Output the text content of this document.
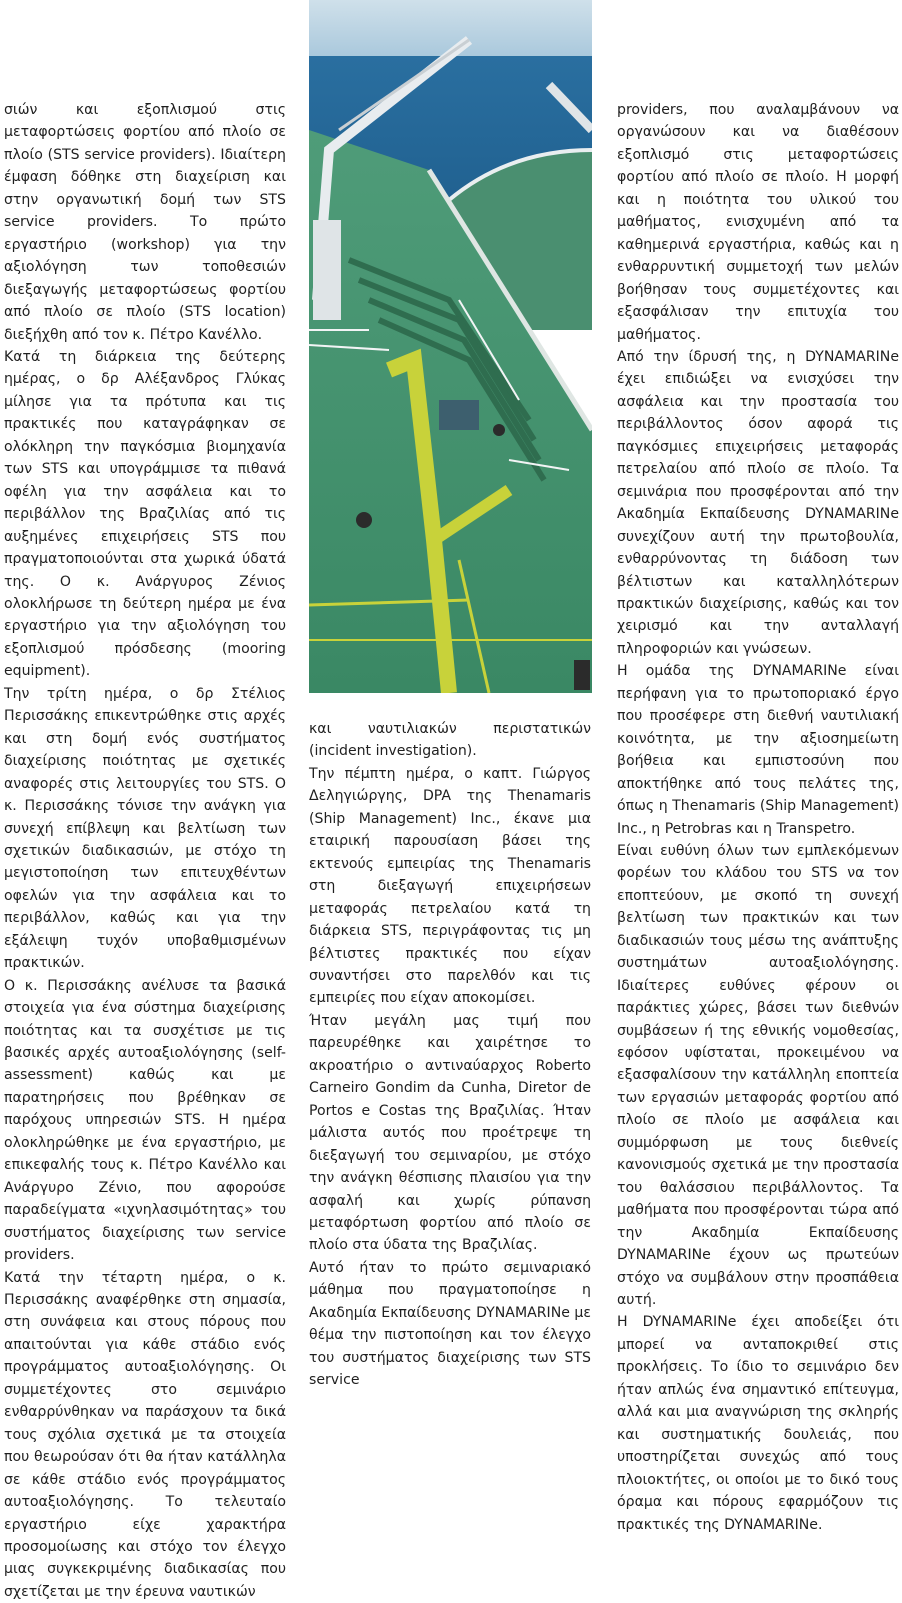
σιών και εξοπλισμού στις μεταφορτώσεις φορτίου από πλοίο σε πλοίο (STS service providers). Ιδιαίτερη έμφαση δόθηκε στη διαχείριση και στην οργανωτική δομή των STS service providers. Το πρώτο εργαστήριο (workshop) για την αξιολόγηση των τοποθεσιών διεξαγωγής μεταφορτώσεως φορτίου από πλοίο σε πλοίο (STS location) διεξήχθη από τον κ. Πέτρο Κανέλλο.

Κατά τη διάρκεια της δεύτερης ημέρας, ο δρ Αλέξανδρος Γλύκας μίλησε για τα πρότυπα και τις πρακτικές που καταγράφηκαν σε ολόκληρη την παγκόσμια βιομηχανία των STS και υπογράμμισε τα πιθανά οφέλη για την ασφάλεια και το περιβάλλον της Βραζιλίας από τις αυξημένες επιχειρήσεις STS που πραγματοποιούνται στα χωρικά ύδατά της. Ο κ. Ανάργυρος Ζένιος ολοκλήρωσε τη δεύτερη ημέρα με ένα εργαστήριο για την αξιολόγηση του εξοπλισμού πρόσδεσης (mooring equipment).

Την τρίτη ημέρα, ο δρ Στέλιος Περισσάκης επικεντρώθηκε στις αρχές και στη δομή ενός συστήματος διαχείρισης ποιότητας με σχετικές αναφορές στις λειτουργίες του STS. Ο κ. Περισσάκης τόνισε την ανάγκη για συνεχή επίβλεψη και βελτίωση των σχετικών διαδικασιών, με στόχο τη μεγιστοποίηση των επιτευχθέντων οφελών για την ασφάλεια και το περιβάλλον, καθώς και για την εξάλειψη τυχόν υποβαθμισμένων πρακτικών.

Ο κ. Περισσάκης ανέλυσε τα βασικά στοιχεία για ένα σύστημα διαχείρισης ποιότητας και τα συσχέτισε με τις βασικές αρχές αυτοαξιολόγησης (self-assessment) καθώς και με παρατηρήσεις που βρέθηκαν σε παρόχους υπηρεσιών STS. Η ημέρα ολοκληρώθηκε με ένα εργαστήριο, με επικεφαλής τους κ. Πέτρο Κανέλλο και Ανάργυρο Ζένιο, που αφορούσε παραδείγματα «ιχνηλασιμότητας» του συστήματος διαχείρισης των service providers.

Κατά την τέταρτη ημέρα, ο κ. Περισσάκης αναφέρθηκε στη σημασία, στη συνάφεια και στους πόρους που απαιτούνται για κάθε στάδιο ενός προγράμματος αυτοαξιολόγησης. Οι συμμετέχοντες στο σεμινάριο ενθαρρύνθηκαν να παράσχουν τα δικά τους σχόλια σχετικά με τα στοιχεία που θεωρούσαν ότι θα ήταν κατάλληλα σε κάθε στάδιο ενός προγράμματος αυτοαξιολόγησης. Το τελευταίο εργαστήριο είχε χαρακτήρα προσομοίωσης και στόχο τον έλεγχο μιας συγκεκριμένης διαδικασίας που σχετίζεται με την έρευνα ναυτικών

και ναυτιλιακών περιστατικών (incident investigation).

Την πέμπτη ημέρα, ο καπτ. Γιώργος Δεληγιώργης, DPA της Thenamaris (Ship Management) Inc., έκανε μια εταιρική παρουσίαση βάσει της εκτενούς εμπειρίας της Thenamaris στη διεξαγωγή επιχειρήσεων μεταφοράς πετρελαίου κατά τη διάρκεια STS, περιγράφοντας τις μη βέλτιστες πρακτικές που είχαν συναντήσει στο παρελθόν και τις εμπειρίες που είχαν αποκομίσει.

Ήταν μεγάλη μας τιμή που παρευρέθηκε και χαιρέτησε το ακροατήριο ο αντιναύαρχος Roberto Carneiro Gondim da Cunha, Diretor de Portos e Costas της Βραζιλίας. Ήταν μάλιστα αυτός που προέτρεψε τη διεξαγωγή του σεμιναρίου, με στόχο την ανάγκη θέσπισης πλαισίου για την ασφαλή και χωρίς ρύπανση μεταφόρτωση φορτίου από πλοίο σε πλοίο στα ύδατα της Βραζιλίας.

Αυτό ήταν το πρώτο σεμιναριακό μάθημα που πραγματοποίησε η Ακαδημία Εκπαίδευσης DYNAMARINe με θέμα την πιστοποίηση και τον έλεγχο του συστήματος διαχείρισης των STS service

providers, που αναλαμβάνουν να οργανώσουν και να διαθέσουν εξοπλισμό στις μεταφορτώσεις φορτίου από πλοίο σε πλοίο. Η μορφή και η ποιότητα του υλικού του μαθήματος, ενισχυμένη από τα καθημερινά εργαστήρια, καθώς και η ενθαρρυντική συμμετοχή των μελών βοήθησαν τους συμμετέχοντες και εξασφάλισαν την επιτυχία του μαθήματος.

Από την ίδρυσή της, η DYNAMARINe έχει επιδιώξει να ενισχύσει την ασφάλεια και την προστασία του περιβάλλοντος όσον αφορά τις παγκόσμιες επιχειρήσεις μεταφοράς πετρελαίου από πλοίο σε πλοίο. Τα σεμινάρια που προσφέρονται από την Ακαδημία Εκπαίδευσης DYNAMARINe συνεχίζουν αυτή την πρωτοβουλία, ενθαρρύνοντας τη διάδοση των βέλτιστων και καταλληλότερων πρακτικών διαχείρισης, καθώς και τον χειρισμό και την ανταλλαγή πληροφοριών και γνώσεων.

Η ομάδα της DYNAMARINe είναι περήφανη για το πρωτοποριακό έργο που προσέφερε στη διεθνή ναυτιλιακή κοινότητα, με την αξιοσημείωτη βοήθεια και εμπιστοσύνη που αποκτήθηκε από τους πελάτες της, όπως η Thenamaris (Ship Management) Inc., η Petrobras και η Transpetro.

Είναι ευθύνη όλων των εμπλεκόμενων φορέων του κλάδου του STS να τον εποπτεύουν, με σκοπό τη συνεχή βελτίωση των πρακτικών και των διαδικασιών τους μέσω της ανάπτυξης συστημάτων αυτοαξιολόγησης. Ιδιαίτερες ευθύνες φέρουν οι παράκτιες χώρες, βάσει των διεθνών συμβάσεων ή της εθνικής νομοθεσίας, εφόσον υφίσταται, προκειμένου να εξασφαλίσουν την κατάλληλη εποπτεία των εργασιών μεταφοράς φορτίου από πλοίο σε πλοίο με ασφάλεια και συμμόρφωση με τους διεθνείς κανονισμούς σχετικά με την προστασία του θαλάσσιου περιβάλλοντος. Τα μαθήματα που προσφέρονται τώρα από την Ακαδημία Εκπαίδευσης DYNAMARINe έχουν ως πρωτεύων στόχο να συμβάλουν στην προσπάθεια αυτή.

Η DYNAMARINe έχει αποδείξει ότι μπορεί να ανταποκριθεί στις προκλήσεις. Το ίδιο το σεμινάριο δεν ήταν απλώς ένα σημαντικό επίτευγμα, αλλά και μια αναγνώριση της σκληρής και συστηματικής δουλειάς, που υποστηρίζεται συνεχώς από τους πλοιοκτήτες, οι οποίοι με το δικό τους όραμα και πόρους εφαρμόζουν τις πρακτικές της DYNAMARINe.
